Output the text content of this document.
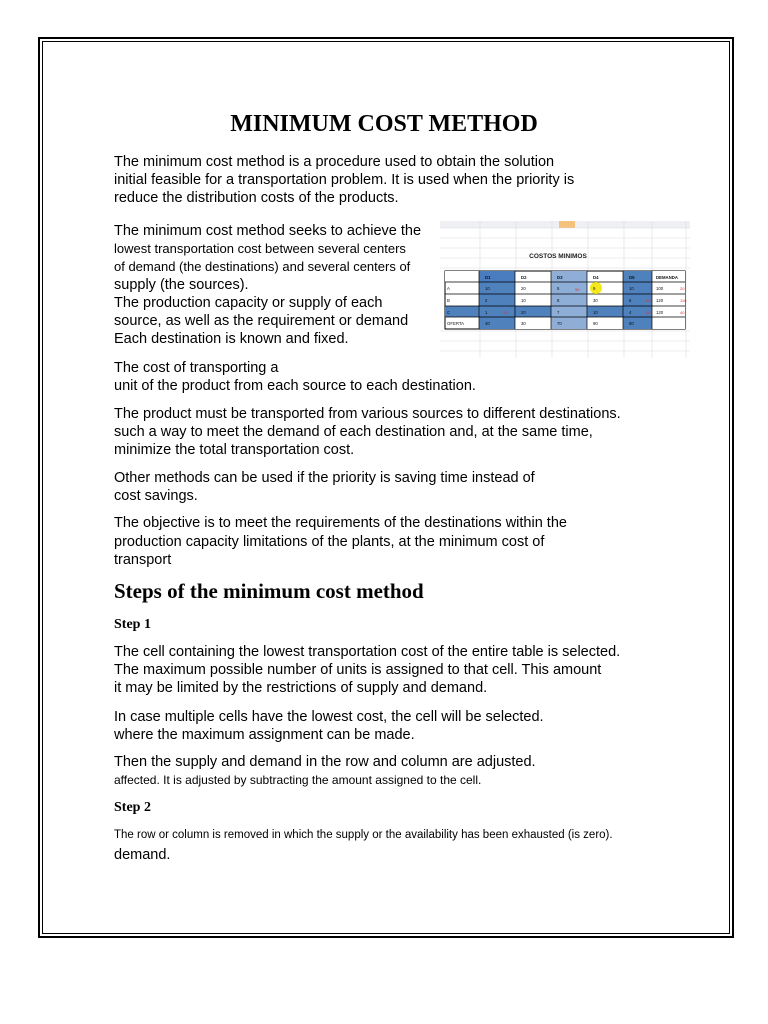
MINIMUM COST METHOD
The minimum cost method is a procedure used to obtain the solution
initial feasible for a transportation problem. It is used when the priority is
reduce the distribution costs of the products.
The minimum cost method seeks to achieve the
lowest transportation cost between several centers
of demand (the destinations) and several centers of
supply (the sources).
The production capacity or supply of each
source, as well as the requirement or demand
Each destination is known and fixed.
COSTOS MINIMOS
50
50
20	20
20
110
40
D1	D2	D3	D4	D5	DEMANDA
A	10	20	5	9	10	100
B	2	10	8	30	6	120
C	1	20	7	10	4	120
OFERTA	40	30	70	90	80
The cost of transporting a
unit of the product from each source to each destination.
The product must be transported from various sources to different destinations.
such a way to meet the demand of each destination and, at the same time,
minimize the total transportation cost.
Other methods can be used if the priority is saving time instead of
cost savings.
The objective is to meet the requirements of the destinations within the
production capacity limitations of the plants, at the minimum cost of
transport
Steps of the minimum cost method
Step 1
The cell containing the lowest transportation cost of the entire table is selected.
The maximum possible number of units is assigned to that cell. This amount
it may be limited by the restrictions of supply and demand.
In case multiple cells have the lowest cost, the cell will be selected.
where the maximum assignment can be made.
Then the supply and demand in the row and column are adjusted.
affected. It is adjusted by subtracting the amount assigned to the cell.
Step 2
The row or column is removed in which the supply or the availability has been exhausted (is zero).
demand.
